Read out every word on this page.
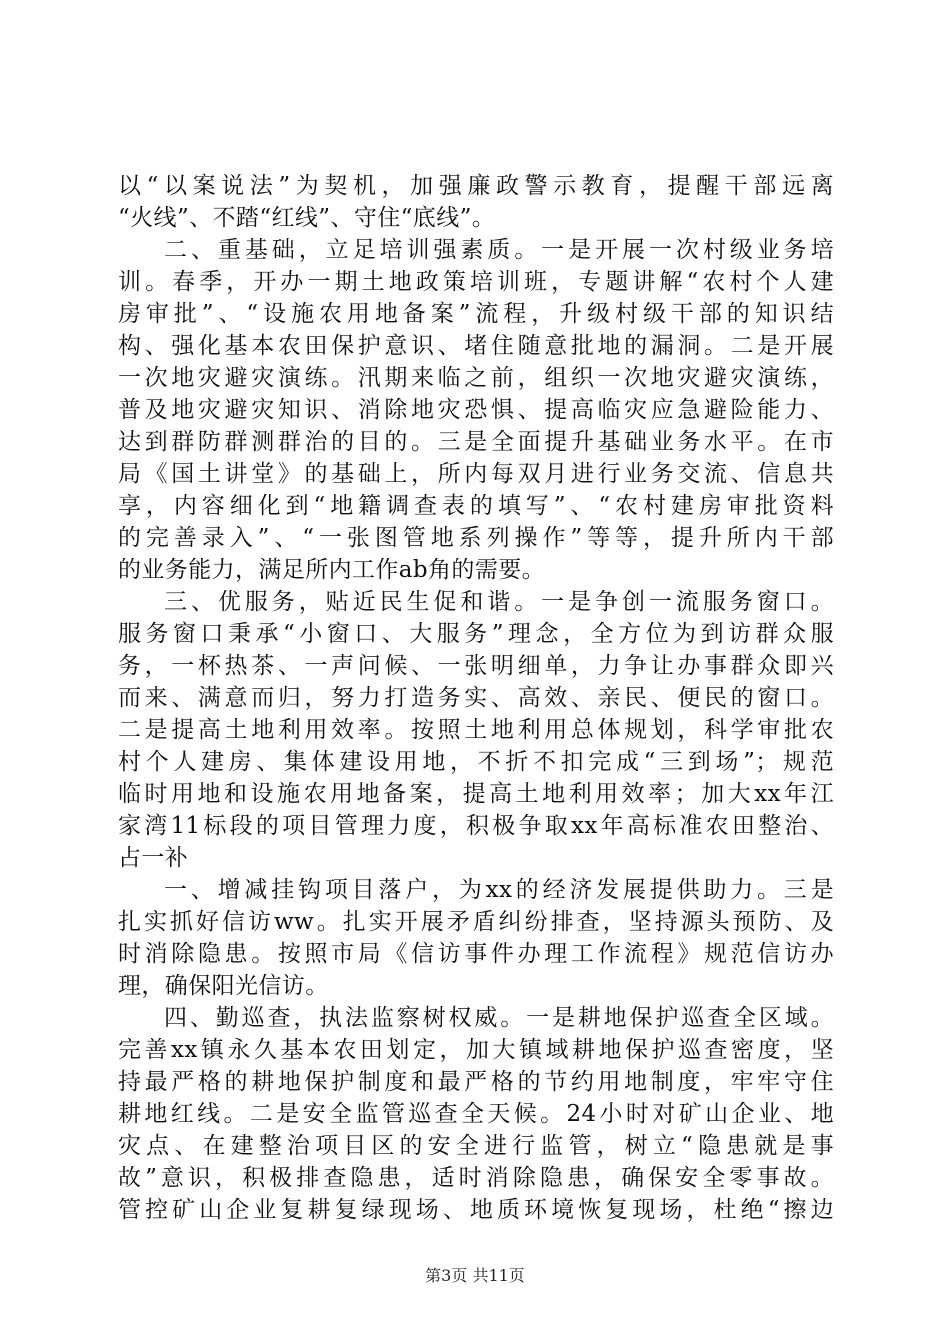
以“以案说法”为契机，加强廉政警示教育，提醒干部远离
“火线”、不踏“红线”、守住“底线”。
二、重基础，立足培训强素质。一是开展一次村级业务培
训。春季，开办一期土地政策培训班，专题讲解“农村个人建
房审批”、“设施农用地备案”流程，升级村级干部的知识结
构、强化基本农田保护意识、堵住随意批地的漏洞。二是开展
一次地灾避灾演练。汛期来临之前，组织一次地灾避灾演练，
普及地灾避灾知识、消除地灾恐惧、提高临灾应急避险能力、
达到群防群测群治的目的。三是全面提升基础业务水平。在市
局《国土讲堂》的基础上，所内每双月进行业务交流、信息共
享，内容细化到“地籍调查表的填写”、“农村建房审批资料
的完善录入”、“一张图管地系列操作”等等，提升所内干部
的业务能力，满足所内工作ab角的需要。
三、优服务，贴近民生促和谐。一是争创一流服务窗口。
服务窗口秉承“小窗口、大服务”理念，全方位为到访群众服
务，一杯热茶、一声问候、一张明细单，力争让办事群众即兴
而来、满意而归，努力打造务实、高效、亲民、便民的窗口。
二是提高土地利用效率。按照土地利用总体规划，科学审批农
村个人建房、集体建设用地，不折不扣完成“三到场”；规范
临时用地和设施农用地备案，提高土地利用效率；加大xx年江
家湾11标段的项目管理力度，积极争取xx年高标准农田整治、
占一补
一、增减挂钩项目落户，为xx的经济发展提供助力。三是
扎实抓好信访ww。扎实开展矛盾纠纷排查，坚持源头预防、及
时消除隐患。按照市局《信访事件办理工作流程》规范信访办
理，确保阳光信访。
四、勤巡查，执法监察树权威。一是耕地保护巡查全区域。
完善xx镇永久基本农田划定，加大镇域耕地保护巡查密度，坚
持最严格的耕地保护制度和最严格的节约用地制度，牢牢守住
耕地红线。二是安全监管巡查全天候。24小时对矿山企业、地
灾点、在建整治项目区的安全进行监管，树立“隐患就是事
故”意识，积极排查隐患，适时消除隐患，确保安全零事故。
管控矿山企业复耕复绿现场、地质环境恢复现场，杜绝“擦边
第3页 共11页
